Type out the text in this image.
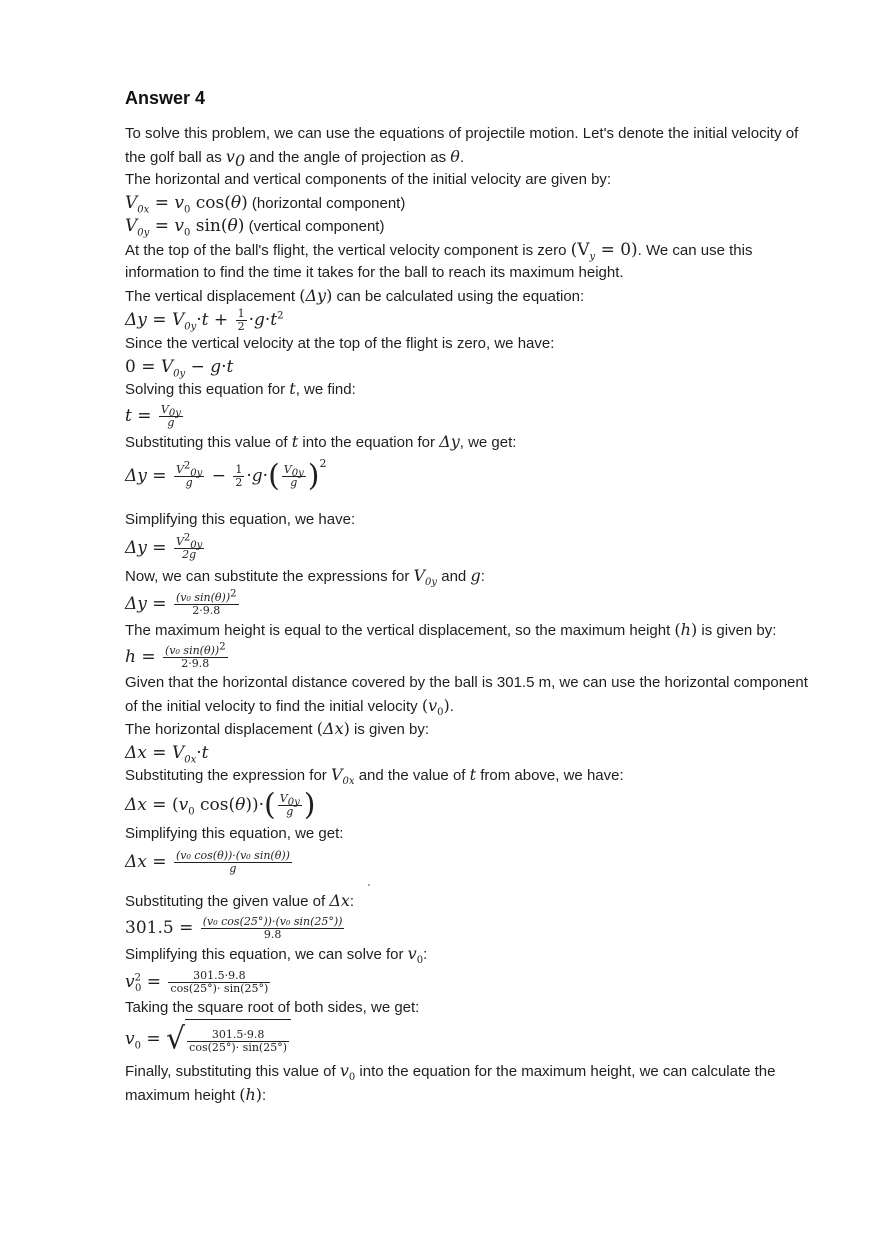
Answer 4

To solve this problem, we can use the equations of projectile motion. Let's denote the initial velocity of the golf ball as $v_0$ and the angle of projection as θ.

The horizontal and vertical components of the initial velocity are given by:

$V_{0x} = v_0$ cos(θ) (horizontal component)

$V_{0y} = v_0$ sin(θ) (vertical component)

At the top of the ball's flight, the vertical velocity component is zero $(V_y = 0)$. We can use this information to find the time it takes for the ball to reach its maximum height.

The vertical displacement (Δy) can be calculated using the equation:

$\Delta y = V_{0y}\cdot t + \frac{1}{2} \cdot g\cdot t^2$

Since the vertical velocity at the top of the flight is zero, we have:

$0 = V_{0y} - g\cdot t$

Solving this equation for t, we find:

$t = \frac{V_{0y}}{g}$

Substituting this value of t into the equation for Δy, we get:

$\Delta y = \frac{V^2_{0y}}{g} - \frac{1}{2} \cdot g\cdot( \frac{V_{0y}}{g} )^2$

Simplifying this equation, we have:

$\Delta y = \frac{V^2_{0y}}{2g}$

Now, we can substitute the expressions for $V_{0y}$ and g:

$\Delta y = \frac{(v_0 \sin(\theta))^2}{2\cdot 9.8}$

The maximum height is equal to the vertical displacement, so the maximum height (h) is given by:

$h = \frac{(v_0 \sin(\theta))^2}{2\cdot 9.8}$

Given that the horizontal distance covered by the ball is 301.5 m, we can use the horizontal component of the initial velocity to find the initial velocity $(v_0)$.

The horizontal displacement (Δx) is given by:

$\Delta x = V_{0x}\cdot t$

Substituting the expression for $V_{0x}$ and the value of t from above, we have:

$\Delta x = (v_0$ $\cos(\theta))\cdot( \frac{V_{0y}}{g}$ )

Simplifying this equation, we get:

$\Delta x = \frac{\text{(v₀ cos(θ))·(v₀ sin(θ))}}{g}$

Substituting the given value of Δx:

$301.5 = \frac{\text{(v₀ cos(25°))·(v₀ sin(25°))}}{9.8}$

Simplifying this equation, we can solve for $v_0$:

$v^2_0 = \frac{301.5\cdot 9.8}{\cos(25^\circ)\cdot \sin(25^\circ)}$

Taking the square root of both sides, we get:

$v_0$ = √ $\frac{301.5\cdot 9.8}{\cos(25^\circ)\cdot \sin(25^\circ)}$

Finally, substituting this value of $v_0$ into the equation for the maximum height, we can calculate the maximum height (h):
